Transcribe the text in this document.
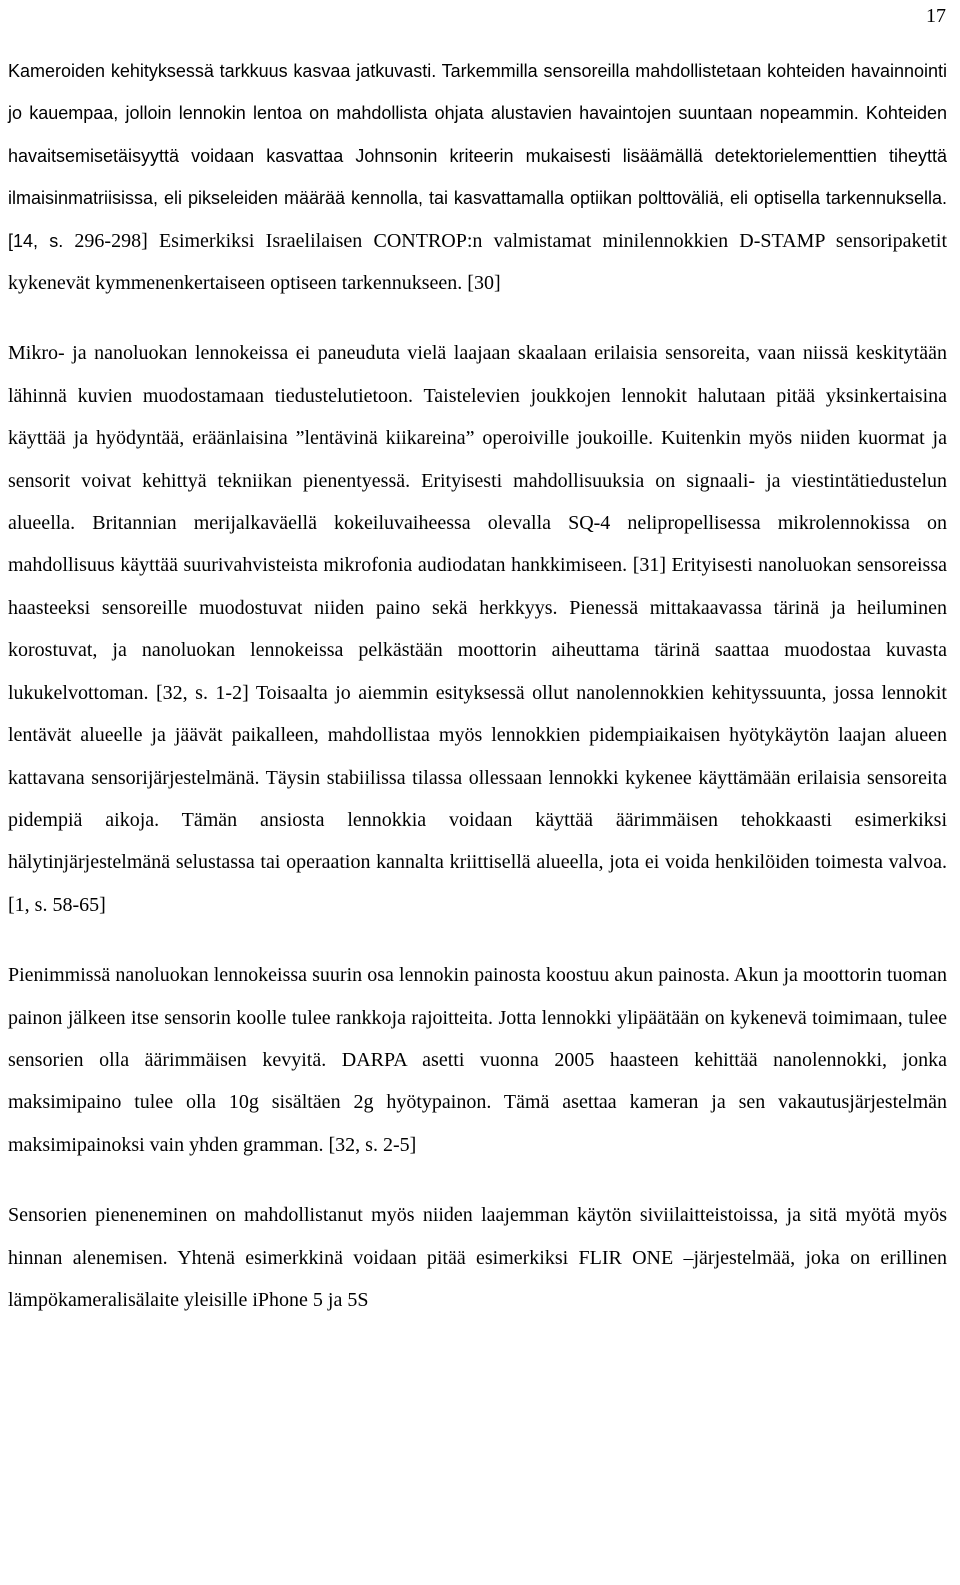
17

Kameroiden kehityksessä tarkkuus kasvaa jatkuvasti. Tarkemmilla sensoreilla mahdollistetaan kohteiden havainnointi jo kauempaa, jolloin lennokin lentoa on mahdollista ohjata alustavien havaintojen suuntaan nopeammin. Kohteiden havaitsemisetäisyyttä voidaan kasvattaa Johnsonin kriteerin mukaisesti lisäämällä detektorielementtien tiheyttä ilmaisinmatriisissa, eli pikseleiden määrää kennolla, tai kasvattamalla optiikan polttoväliä, eli optisella tarkennuksella.[14, s. 296-298] Esimerkiksi Israelilaisen CONTROP:n valmistamat minilennokkien D-STAMP sensoripaketit kykenevät kymmenenkertaiseen optiseen tarkennukseen. [30]

Mikro- ja nanoluokan lennokeissa ei paneuduta vielä laajaan skaalaan erilaisia sensoreita, vaan niissä keskitytään lähinnä kuvien muodostamaan tiedustelutietoon. Taistelevien joukkojen lennokit halutaan pitää yksinkertaisina käyttää ja hyödyntää, eräänlaisina ”lentävinä kiikareina” operoiville joukoille. Kuitenkin myös niiden kuormat ja sensorit voivat kehittyä tekniikan pienentyessä. Erityisesti mahdollisuuksia on signaali- ja viestintätiedustelun alueella. Britannian merijalkaväellä kokeiluvaiheessa olevalla SQ-4 nelipropellisessa mikrolennokissa on mahdollisuus käyttää suurivahvisteista mikrofonia audiodatan hankkimiseen. [31] Erityisesti nanoluokan sensoreissa haasteeksi sensoreille muodostuvat niiden paino sekä herkkyys. Pienessä mittakaavassa tärinä ja heiluminen korostuvat, ja nanoluokan lennokeissa pelkästään moottorin aiheuttama tärinä saattaa muodostaa kuvasta lukukelvottoman. [32, s. 1-2] Toisaalta jo aiemmin esityksessä ollut nanolennokkien kehityssuunta, jossa lennokit lentävät alueelle ja jäävät paikalleen, mahdollistaa myös lennokkien pidempiaikaisen hyötykäytön laajan alueen kattavana sensorijärjestelmänä. Täysin stabiilissa tilassa ollessaan lennokki kykenee käyttämään erilaisia sensoreita pidempiä aikoja. Tämän ansiosta lennokkia voidaan käyttää äärimmäisen tehokkaasti esimerkiksi hälytinjärjestelmänä selustassa tai operaation kannalta kriittisellä alueella, jota ei voida henkilöiden toimesta valvoa. [1, s. 58-65]

Pienimmissä nanoluokan lennokeissa suurin osa lennokin painosta koostuu akun painosta. Akun ja moottorin tuoman painon jälkeen itse sensorin koolle tulee rankkoja rajoitteita. Jotta lennokki ylipäätään on kykenevä toimimaan, tulee sensorien olla äärimmäisen kevyitä. DARPA asetti vuonna 2005 haasteen kehittää nanolennokki, jonka maksimipaino tulee olla 10g sisältäen 2g hyötypainon. Tämä asettaa kameran ja sen vakautusjärjestelmän maksimipainoksi vain yhden gramman. [32, s. 2-5]

Sensorien pieneneminen on mahdollistanut myös niiden laajemman käytön siviilaitteistoissa, ja sitä myötä myös hinnan alenemisen. Yhtenä esimerkkinä voidaan pitää esimerkiksi FLIR ONE –järjestelmää, joka on erillinen lämpökameralisälaite yleisille iPhone 5 ja 5S
